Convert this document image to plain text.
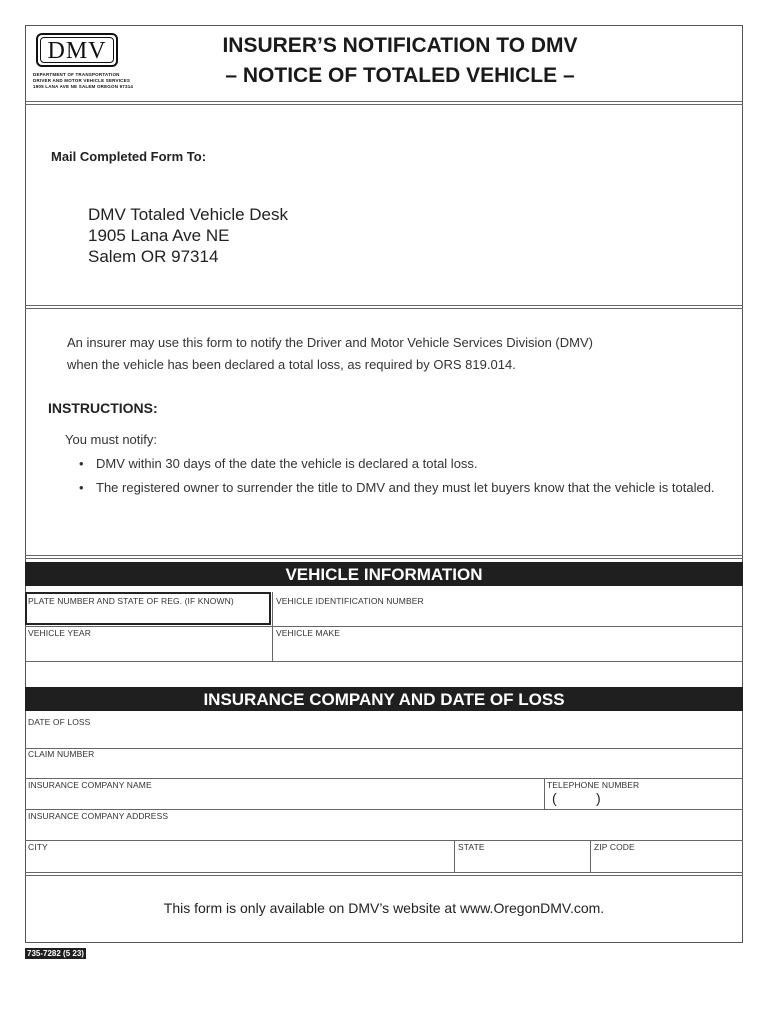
DMV
DEPARTMENT OF TRANSPORTATION
DRIVER AND MOTOR VEHICLE SERVICES
1905 LANA AVE NE SALEM OREGON 97314
INSURER’S NOTIFICATION TO DMV
– NOTICE OF TOTALED VEHICLE –
Mail Completed Form To:
DMV Totaled Vehicle Desk
1905 Lana Ave NE
Salem OR 97314
An insurer may use this form to notify the Driver and Motor Vehicle Services Division (DMV)
when the vehicle has been declared a total loss, as required by ORS 819.014.
INSTRUCTIONS:
You must notify:
• DMV within 30 days of the date the vehicle is declared a total loss.
• The registered owner to surrender the title to DMV and they must let buyers know that the vehicle is totaled.
VEHICLE INFORMATION
PLATE NUMBER AND STATE OF REG. (IF KNOWN)	VEHICLE IDENTIFICATION NUMBER
VEHICLE YEAR	VEHICLE MAKE
INSURANCE COMPANY AND DATE OF LOSS
DATE OF LOSS
CLAIM NUMBER
INSURANCE COMPANY NAME	TELEPHONE NUMBER
(	)
INSURANCE COMPANY ADDRESS
CITY	STATE	ZIP CODE
This form is only available on DMV’s website at www.OregonDMV.com.
735-7282 (5 23)
